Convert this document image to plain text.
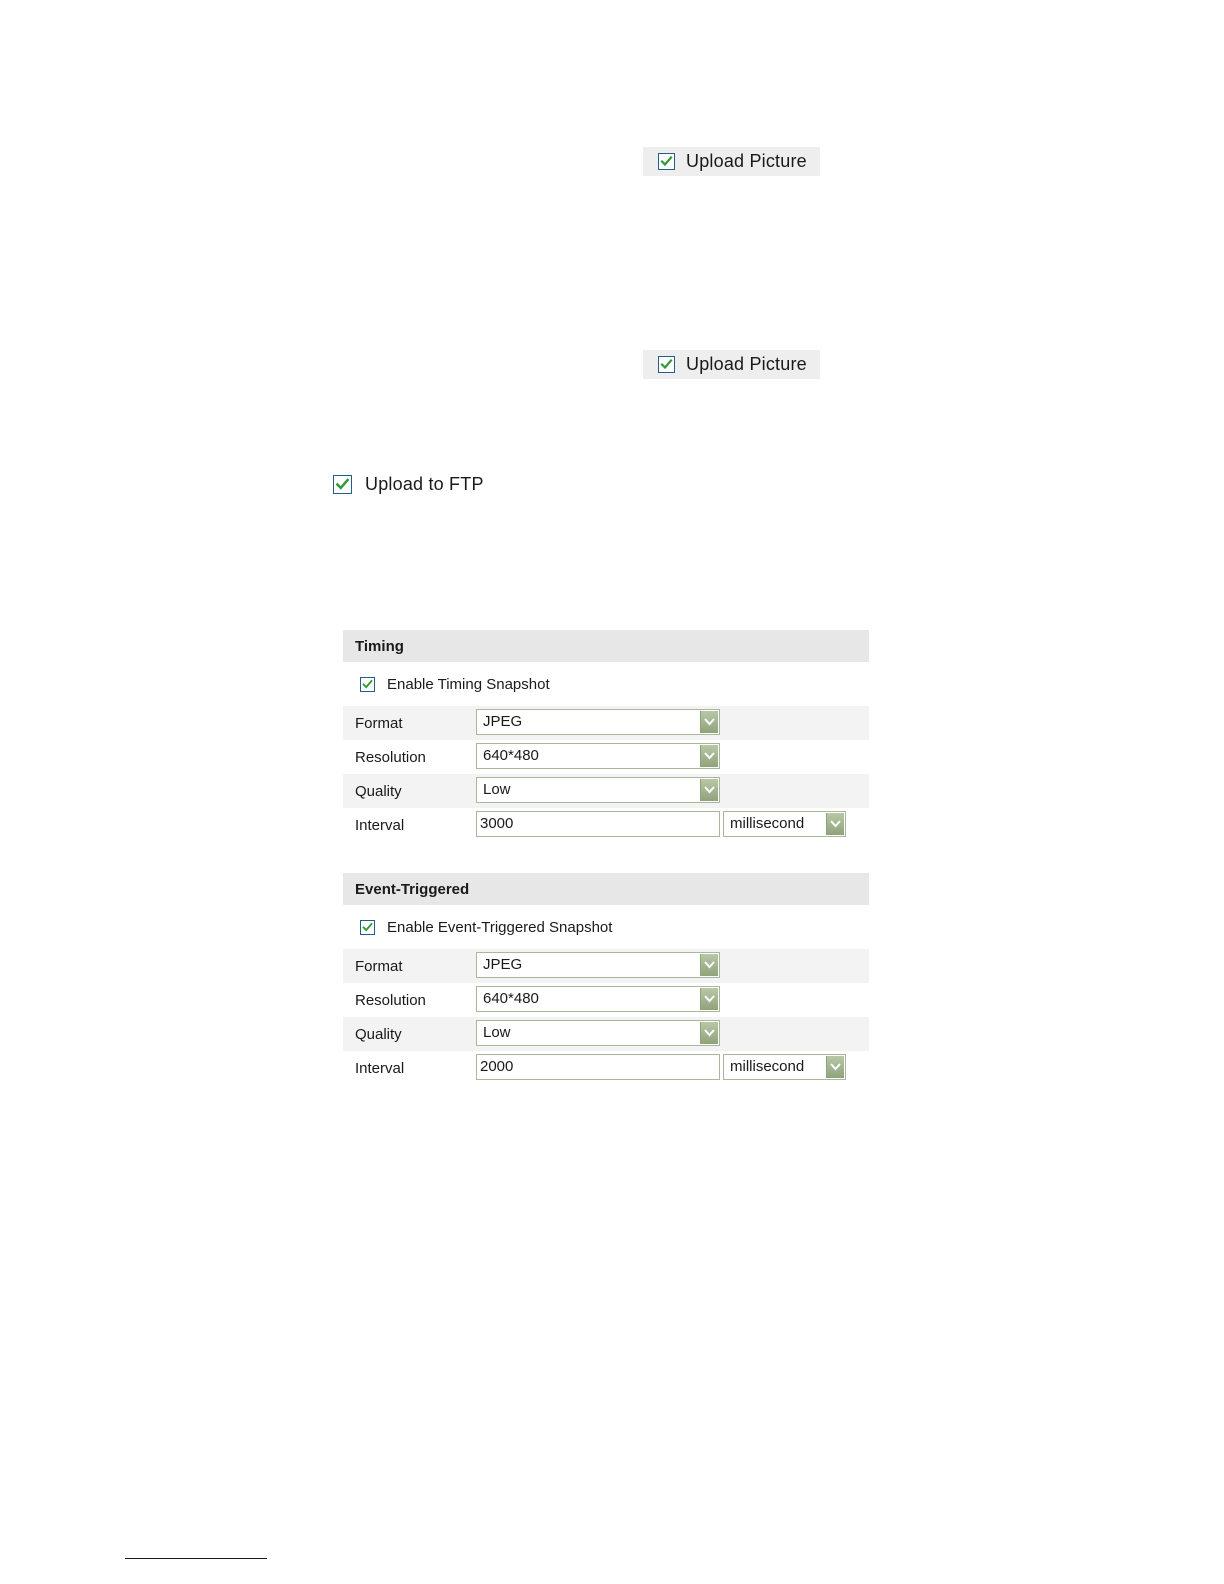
Upload Picture
Upload Picture
Upload to FTP
Timing
Enable Timing Snapshot
Format	JPEG
Resolution	640*480
Quality	Low
Interval	3000	millisecond
Event-Triggered
Enable Event-Triggered Snapshot
Format	JPEG
Resolution	640*480
Quality	Low
Interval	2000	millisecond
